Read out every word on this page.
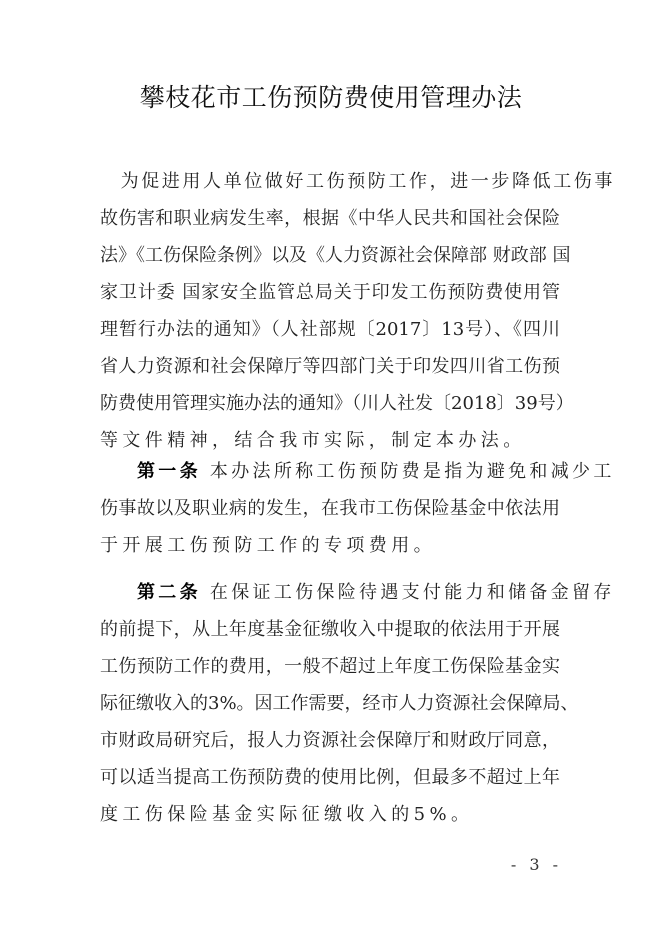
攀枝花市工伤预防费使用管理办法
　为促进用人单位做好工伤预防工作，进一步降低工伤事
故伤害和职业病发生率，根据《中华人民共和国社会保险
法》《工伤保险条例》以及《人力资源社会保障部 财政部 国
家卫计委 国家安全监管总局关于印发工伤预防费使用管
理暂行办法的通知》（人社部规〔2017〕13号）、《四川
省人力资源和社会保障厅等四部门关于印发四川省工伤预
防费使用管理实施办法的通知》（川人社发〔2018〕39号）
等文件精神，结合我市实际，制定本办法。
第一条 本办法所称工伤预防费是指为避免和减少工
伤事故以及职业病的发生，在我市工伤保险基金中依法用
于开展工伤预防工作的专项费用。
第二条 在保证工伤保险待遇支付能力和储备金留存
的前提下，从上年度基金征缴收入中提取的依法用于开展
工伤预防工作的费用，一般不超过上年度工伤保险基金实
际征缴收入的3%。因工作需要，经市人力资源社会保障局、
市财政局研究后，报人力资源社会保障厅和财政厅同意，
可以适当提高工伤预防费的使用比例，但最多不超过上年
度工伤保险基金实际征缴收入的5%。
- 3 -
